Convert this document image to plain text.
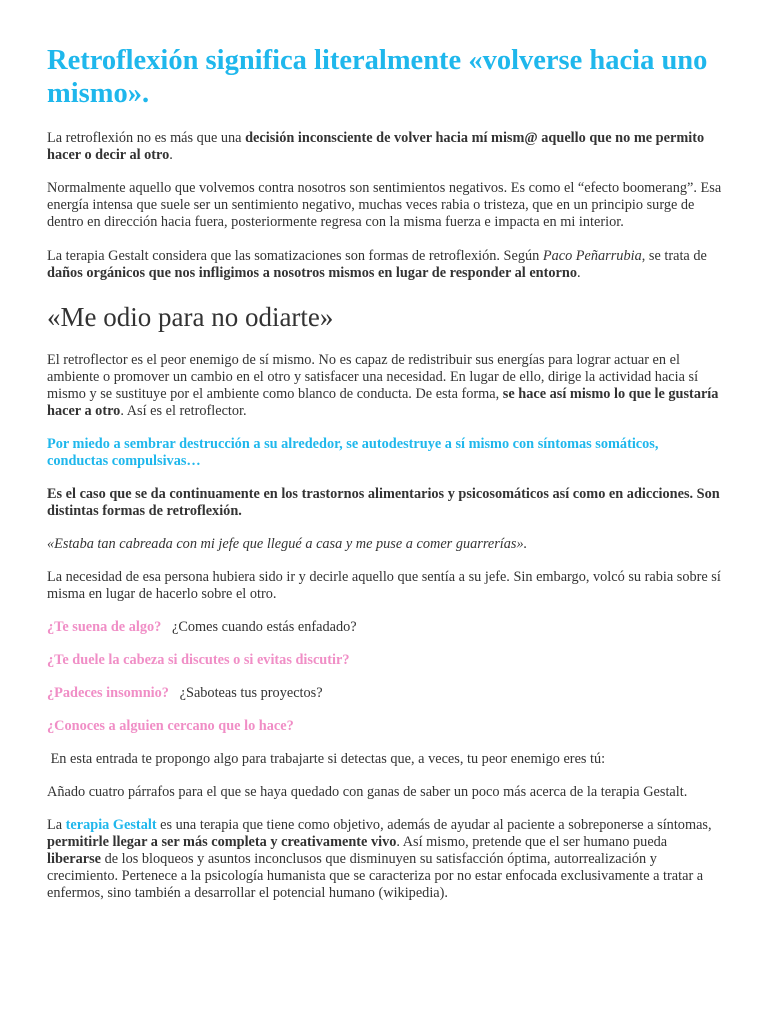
Retroflexión significa literalmente «volverse hacia uno mismo».

La retroflexión no es más que una decisión inconsciente de volver hacia mí mism@ aquello que no me permito hacer o decir al otro.

Normalmente aquello que volvemos contra nosotros son sentimientos negativos. Es como el “efecto boomerang”. Esa energía intensa que suele ser un sentimiento negativo, muchas veces rabia o tristeza, que en un principio surge de dentro en dirección hacia fuera, posteriormente regresa con la misma fuerza e impacta en mi interior.

La terapia Gestalt considera que las somatizaciones son formas de retroflexión. Según Paco Peñarrubia, se trata de daños orgánicos que nos infligimos a nosotros mismos en lugar de responder al entorno.

«Me odio para no odiarte»

El retroflector es el peor enemigo de sí mismo. No es capaz de redistribuir sus energías para lograr actuar en el ambiente o promover un cambio en el otro y satisfacer una necesidad. En lugar de ello, dirige la actividad hacia sí mismo y se sustituye por el ambiente como blanco de conducta. De esta forma, se hace así mismo lo que le gustaría hacer a otro. Así es el retroflector.

Por miedo a sembrar destrucción a su alrededor, se autodestruye a sí mismo con síntomas somáticos, conductas compulsivas…

Es el caso que se da continuamente en los trastornos alimentarios y psicosomáticos así como en adicciones. Son distintas formas de retroflexión.

«Estaba tan cabreada con mi jefe que llegué a casa y me puse a comer guarrerías».

La necesidad de esa persona hubiera sido ir y decirle aquello que sentía a su jefe. Sin embargo, volcó su rabia sobre sí misma en lugar de hacerlo sobre el otro.

¿Te suena de algo?   ¿Comes cuando estás enfadado?

¿Te duele la cabeza si discutes o si evitas discutir?

¿Padeces insomnio?   ¿Saboteas tus proyectos?

¿Conoces a alguien cercano que lo hace?

En esta entrada te propongo algo para trabajarte si detectas que, a veces, tu peor enemigo eres tú:

Añado cuatro párrafos para el que se haya quedado con ganas de saber un poco más acerca de la terapia Gestalt.

La terapia Gestalt es una terapia que tiene como objetivo, además de ayudar al paciente a sobreponerse a síntomas, permitirle llegar a ser más completa y creativamente vivo. Así mismo, pretende que el ser humano pueda liberarse de los bloqueos y asuntos inconclusos que disminuyen su satisfacción óptima, autorrealización y crecimiento. Pertenece a la psicología humanista que se caracteriza por no estar enfocada exclusivamente a tratar a enfermos, sino también a desarrollar el potencial humano (wikipedia).
